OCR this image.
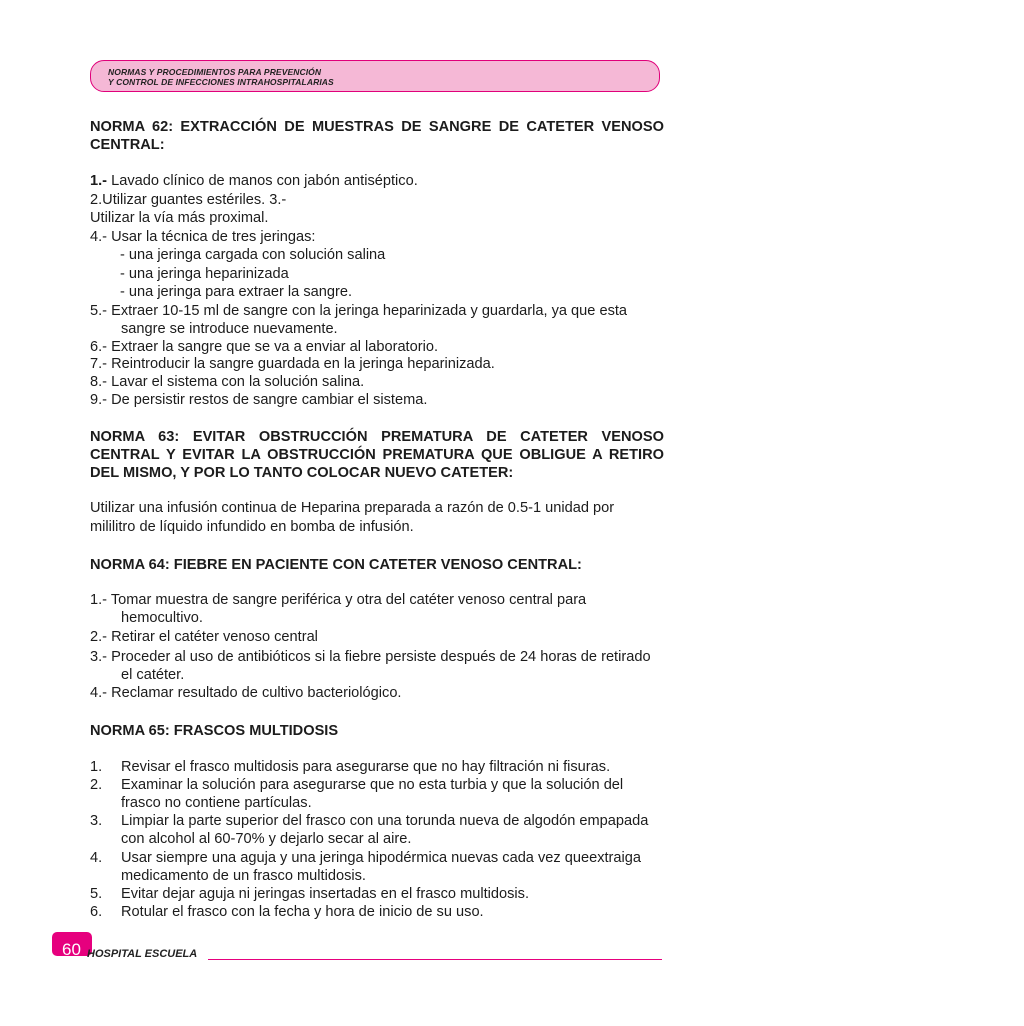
NORMAS Y PROCEDIMIENTOS PARA PREVENCIÓN
Y CONTROL DE INFECCIONES INTRAHOSPITALARIAS
NORMA 62: EXTRACCIÓN DE MUESTRAS DE SANGRE DE CATETER VENOSO
CENTRAL:
1.- Lavado clínico de manos con jabón antiséptico.
2.Utilizar guantes estériles. 3.-
Utilizar la vía más proximal.
4.- Usar la técnica de tres jeringas:
- una jeringa cargada con solución salina
- una jeringa heparinizada
- una jeringa para extraer la sangre.
5.- Extraer 10-15 ml de sangre con la jeringa heparinizada y guardarla, ya que esta
sangre se introduce nuevamente.
6.- Extraer la sangre que se va a enviar al laboratorio.
7.- Reintroducir la sangre guardada en la jeringa heparinizada.
8.- Lavar el sistema con la solución salina.
9.- De persistir restos de sangre cambiar el sistema.
NORMA 63: EVITAR OBSTRUCCIÓN PREMATURA DE CATETER VENOSO
CENTRAL Y EVITAR LA OBSTRUCCIÓN PREMATURA QUE OBLIGUE A RETIRO
DEL MISMO, Y POR LO TANTO COLOCAR NUEVO CATETER:
Utilizar una infusión continua de Heparina preparada a razón de 0.5-1 unidad por
mililitro de líquido infundido en bomba de infusión.
NORMA 64: FIEBRE EN PACIENTE CON CATETER VENOSO CENTRAL:
1.- Tomar muestra de sangre periférica y otra del catéter venoso central para
hemocultivo.
2.- Retirar el catéter venoso central
3.- Proceder al uso de antibióticos si la fiebre persiste después de 24 horas de retirado
el catéter.
4.- Reclamar resultado de cultivo bacteriológico.
NORMA 65: FRASCOS MULTIDOSIS
1. Revisar el frasco multidosis para asegurarse que no hay filtración ni fisuras.
2. Examinar la solución para asegurarse que no esta turbia y que la solución del
frasco no contiene partículas.
3. Limpiar la parte superior del frasco con una torunda nueva de algodón empapada
con alcohol al 60-70% y dejarlo secar al aire.
4. Usar siempre una aguja y una jeringa hipodérmica nuevas cada vez queextraiga
medicamento de un frasco multidosis.
5. Evitar dejar aguja ni jeringas insertadas en el frasco multidosis.
6. Rotular el frasco con la fecha y hora de inicio de su uso.
60 HOSPITAL ESCUELA
